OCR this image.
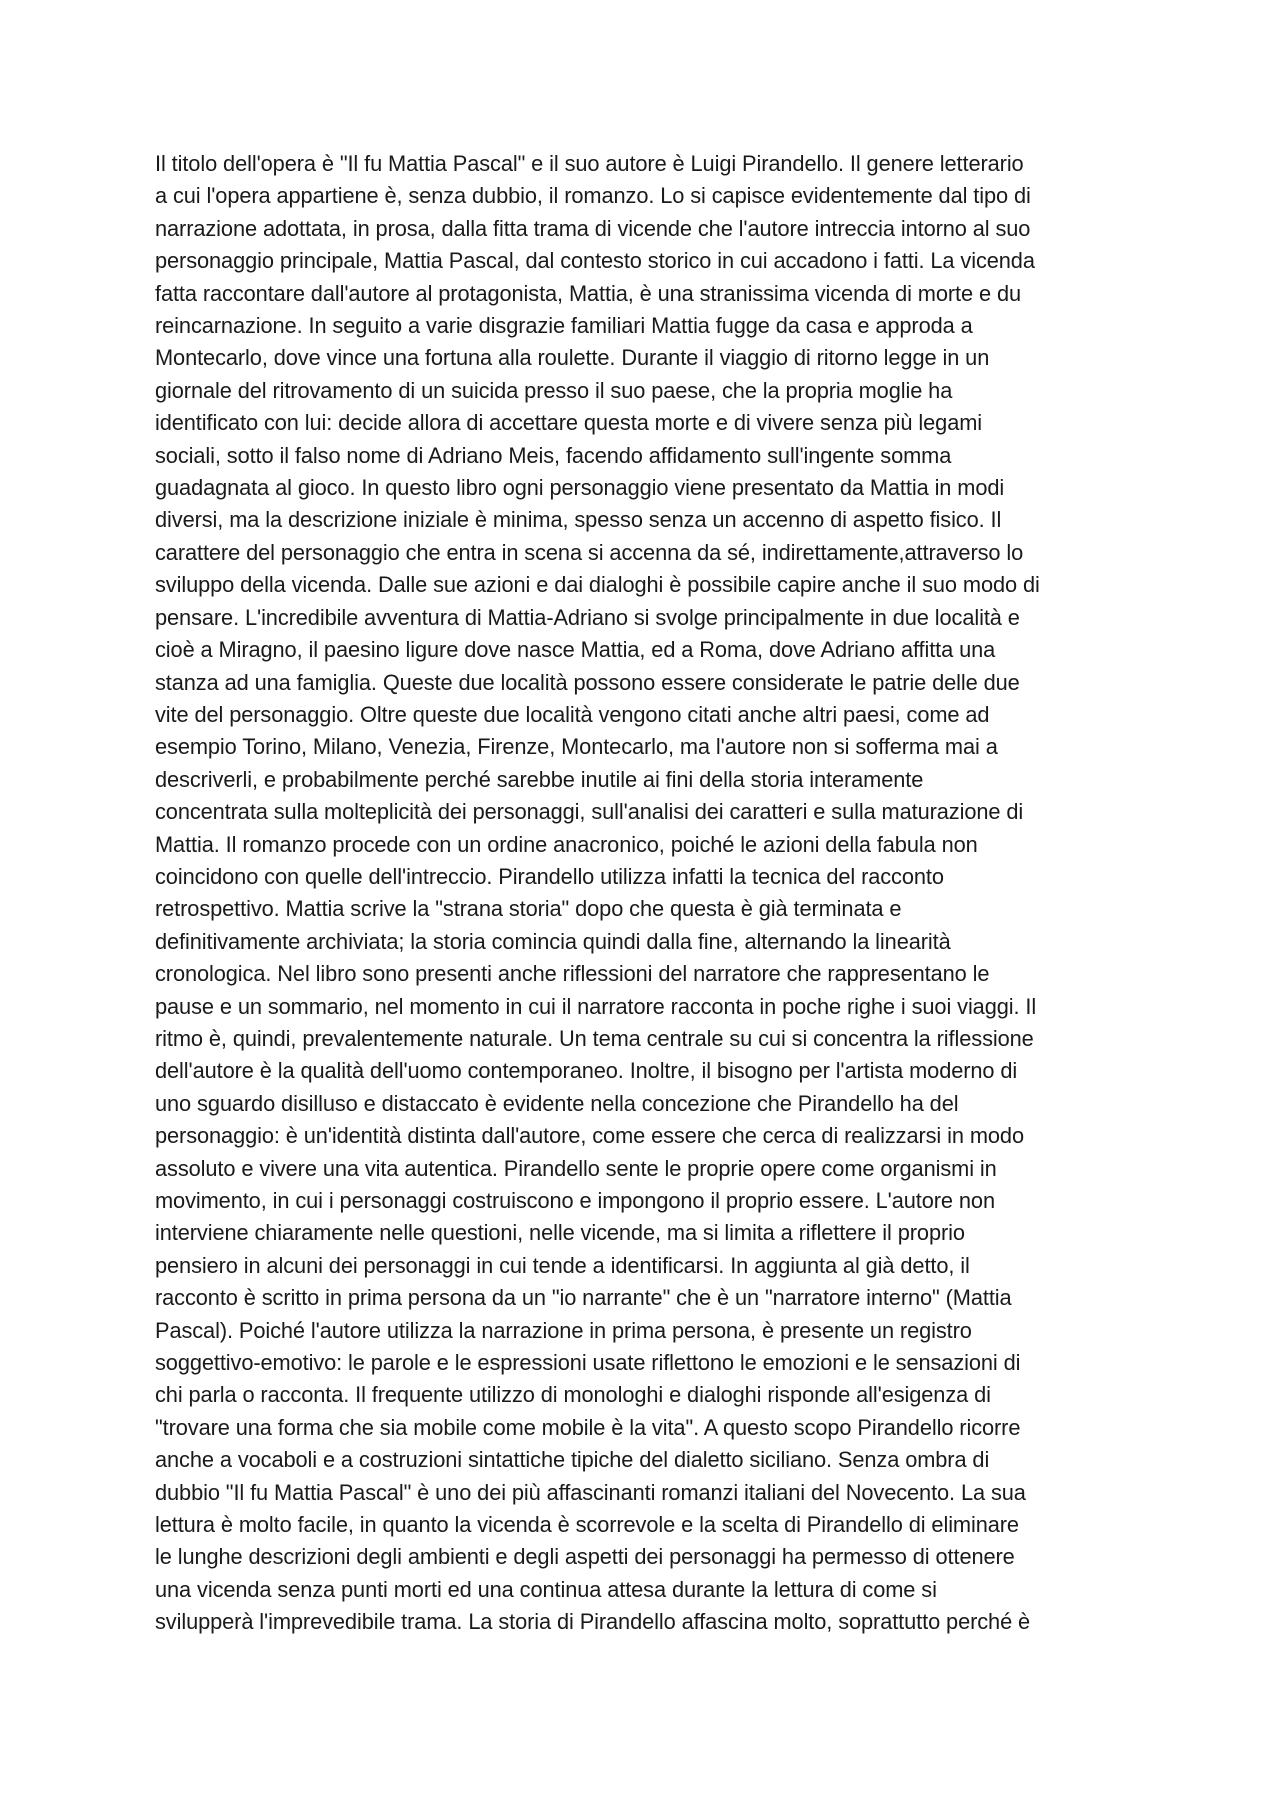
Il titolo dell'opera è "Il fu Mattia Pascal" e il suo autore è Luigi Pirandello. Il genere letterario
a cui l'opera appartiene è, senza dubbio, il romanzo. Lo si capisce evidentemente dal tipo di
narrazione adottata, in prosa, dalla fitta trama di vicende che l'autore intreccia intorno al suo
personaggio principale, Mattia Pascal, dal contesto storico in cui accadono i fatti. La vicenda
fatta raccontare dall'autore al protagonista, Mattia, è una stranissima vicenda di morte e du
reincarnazione. In seguito a varie disgrazie familiari Mattia fugge da casa e approda a
Montecarlo, dove vince una fortuna alla roulette. Durante il viaggio di ritorno legge in un
giornale del ritrovamento di un suicida presso il suo paese, che la propria moglie ha
identificato con lui: decide allora di accettare questa morte e di vivere senza più legami
sociali, sotto il falso nome di Adriano Meis, facendo affidamento sull'ingente somma
guadagnata al gioco. In questo libro ogni personaggio viene presentato da Mattia in modi
diversi, ma la descrizione iniziale è minima, spesso senza un accenno di aspetto fisico. Il
carattere del personaggio che entra in scena si accenna da sé, indirettamente,attraverso lo
sviluppo della vicenda. Dalle sue azioni e dai dialoghi è possibile capire anche il suo modo di
pensare. L'incredibile avventura di Mattia-Adriano si svolge principalmente in due località e
cioè a Miragno, il paesino ligure dove nasce Mattia, ed a Roma, dove Adriano affitta una
stanza ad una famiglia. Queste due località possono essere considerate le patrie delle due
vite del personaggio. Oltre queste due località vengono citati anche altri paesi, come ad
esempio Torino, Milano, Venezia, Firenze, Montecarlo, ma l'autore non si sofferma mai a
descriverli, e probabilmente perché sarebbe inutile ai fini della storia interamente
concentrata sulla molteplicità dei personaggi, sull'analisi dei caratteri e sulla maturazione di
Mattia. Il romanzo procede con un ordine anacronico, poiché le azioni della fabula non
coincidono con quelle dell'intreccio. Pirandello utilizza infatti la tecnica del racconto
retrospettivo. Mattia scrive la "strana storia" dopo che questa è già terminata e
definitivamente archiviata; la storia comincia quindi dalla fine, alternando la linearità
cronologica. Nel libro sono presenti anche riflessioni del narratore che rappresentano le
pause e un sommario, nel momento in cui il narratore racconta in poche righe i suoi viaggi. Il
ritmo è, quindi, prevalentemente naturale. Un tema centrale su cui si concentra la riflessione
dell'autore è la qualità dell'uomo contemporaneo. Inoltre, il bisogno per l'artista moderno di
uno sguardo disilluso e distaccato è evidente nella concezione che Pirandello ha del
personaggio: è un'identità distinta dall'autore, come essere che cerca di realizzarsi in modo
assoluto e vivere una vita autentica. Pirandello sente le proprie opere come organismi in
movimento, in cui i personaggi costruiscono e impongono il proprio essere. L'autore non
interviene chiaramente nelle questioni, nelle vicende, ma si limita a riflettere il proprio
pensiero in alcuni dei personaggi in cui tende a identificarsi. In aggiunta al già detto, il
racconto è scritto in prima persona da un "io narrante" che è un "narratore interno" (Mattia
Pascal). Poiché l'autore utilizza la narrazione in prima persona, è presente un registro
soggettivo-emotivo: le parole e le espressioni usate riflettono le emozioni e le sensazioni di
chi parla o racconta. Il frequente utilizzo di monologhi e dialoghi risponde all'esigenza di
"trovare una forma che sia mobile come mobile è la vita". A questo scopo Pirandello ricorre
anche a vocaboli e a costruzioni sintattiche tipiche del dialetto siciliano. Senza ombra di
dubbio "Il fu Mattia Pascal" è uno dei più affascinanti romanzi italiani del Novecento. La sua
lettura è molto facile, in quanto la vicenda è scorrevole e la scelta di Pirandello di eliminare
le lunghe descrizioni degli ambienti e degli aspetti dei personaggi ha permesso di ottenere
una vicenda senza punti morti ed una continua attesa durante la lettura di come si
svilupperà l'imprevedibile trama. La storia di Pirandello affascina molto, soprattutto perché è
